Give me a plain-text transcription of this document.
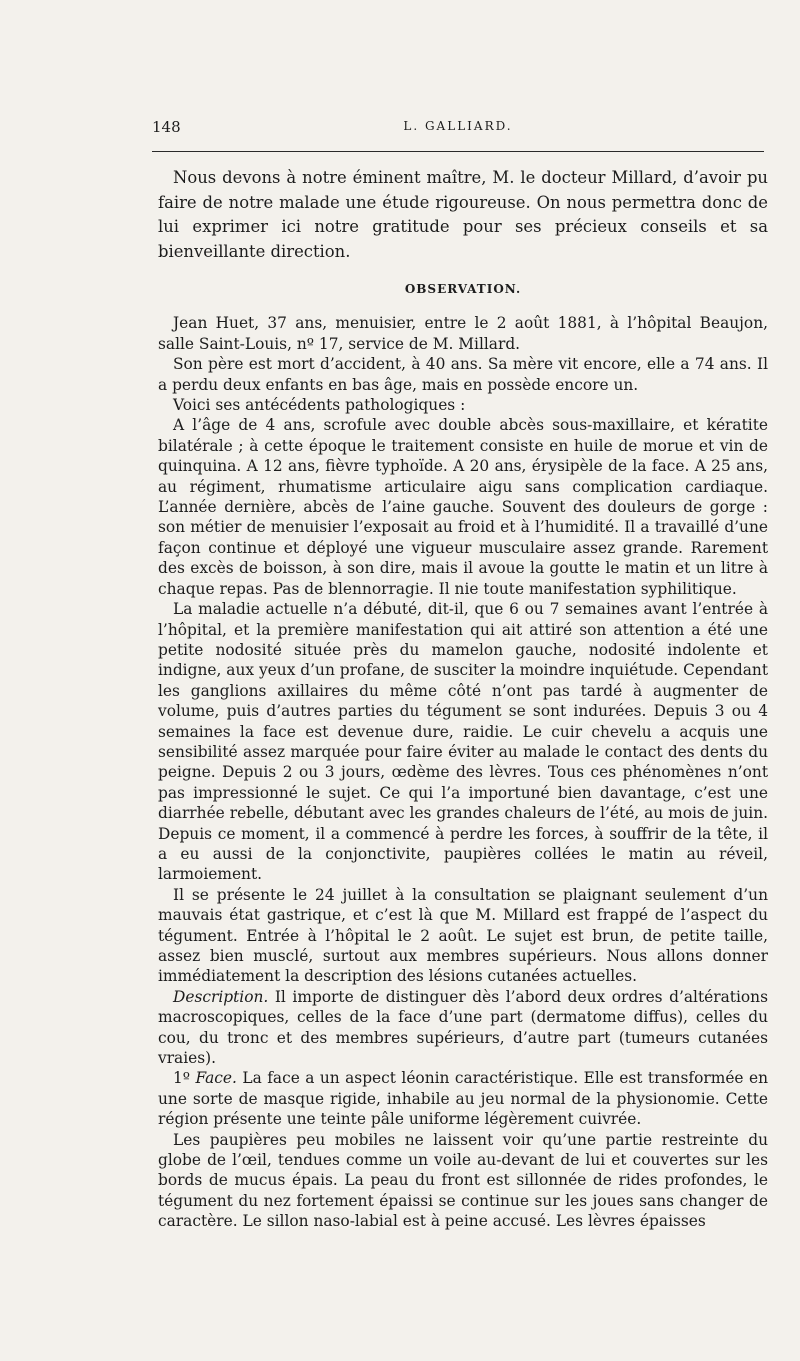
148	L. GALLIARD.

Nous devons à notre éminent maître, M. le docteur Millard, d’avoir pu faire de notre malade une étude rigoureuse. On nous permettra donc de lui exprimer ici notre gratitude pour ses précieux conseils et sa bienveillante direction.

OBSERVATION.

Jean Huet, 37 ans, menuisier, entre le 2 août 1881, à l’hôpital Beaujon, salle Saint-Louis, nº 17, service de M. Millard.

Son père est mort d’accident, à 40 ans. Sa mère vit encore, elle a 74 ans. Il a perdu deux enfants en bas âge, mais en possède encore un.

Voici ses antécédents pathologiques :

A l’âge de 4 ans, scrofule avec double abcès sous-maxillaire, et kératite bilatérale ; à cette époque le traitement consiste en huile de morue et vin de quinquina. A 12 ans, fièvre typhoïde. A 20 ans, érysipèle de la face. A 25 ans, au régiment, rhumatisme articulaire aigu sans complication cardiaque. L’année dernière, abcès de l’aine gauche. Souvent des douleurs de gorge : son métier de menuisier l’exposait au froid et à l’humidité. Il a travaillé d’une façon continue et déployé une vigueur musculaire assez grande. Rarement des excès de boisson, à son dire, mais il avoue la goutte le matin et un litre à chaque repas. Pas de blennorragie. Il nie toute manifestation syphilitique.

La maladie actuelle n’a débuté, dit-il, que 6 ou 7 semaines avant l’entrée à l’hôpital, et la première manifestation qui ait attiré son attention a été une petite nodosité située près du mamelon gauche, nodosité indolente et indigne, aux yeux d’un profane, de susciter la moindre inquiétude. Cependant les ganglions axillaires du même côté n’ont pas tardé à augmenter de volume, puis d’autres parties du tégument se sont indurées. Depuis 3 ou 4 semaines la face est devenue dure, raidie. Le cuir chevelu a acquis une sensibilité assez marquée pour faire éviter au malade le contact des dents du peigne. Depuis 2 ou 3 jours, œdème des lèvres. Tous ces phénomènes n’ont pas impressionné le sujet. Ce qui l’a importuné bien davantage, c’est une diarrhée rebelle, débutant avec les grandes chaleurs de l’été, au mois de juin. Depuis ce moment, il a commencé à perdre les forces, à souffrir de la tête, il a eu aussi de la conjonctivite, paupières collées le matin au réveil, larmoiement.

Il se présente le 24 juillet à la consultation se plaignant seulement d’un mauvais état gastrique, et c’est là que M. Millard est frappé de l’aspect du tégument. Entrée à l’hôpital le 2 août. Le sujet est brun, de petite taille, assez bien musclé, surtout aux membres supérieurs. Nous allons donner immédiatement la description des lésions cutanées actuelles.

Description. Il importe de distinguer dès l’abord deux ordres d’altérations macroscopiques, celles de la face d’une part (dermatome diffus), celles du cou, du tronc et des membres supérieurs, d’autre part (tumeurs cutanées vraies).

1º Face. La face a un aspect léonin caractéristique. Elle est transformée en une sorte de masque rigide, inhabile au jeu normal de la physionomie. Cette région présente une teinte pâle uniforme légèrement cuivrée.

Les paupières peu mobiles ne laissent voir qu’une partie restreinte du globe de l’œil, tendues comme un voile au-devant de lui et couvertes sur les bords de mucus épais. La peau du front est sillonnée de rides profondes, le tégument du nez fortement épaissi se continue sur les joues sans changer de caractère. Le sillon naso-labial est à peine accusé. Les lèvres épaisses
